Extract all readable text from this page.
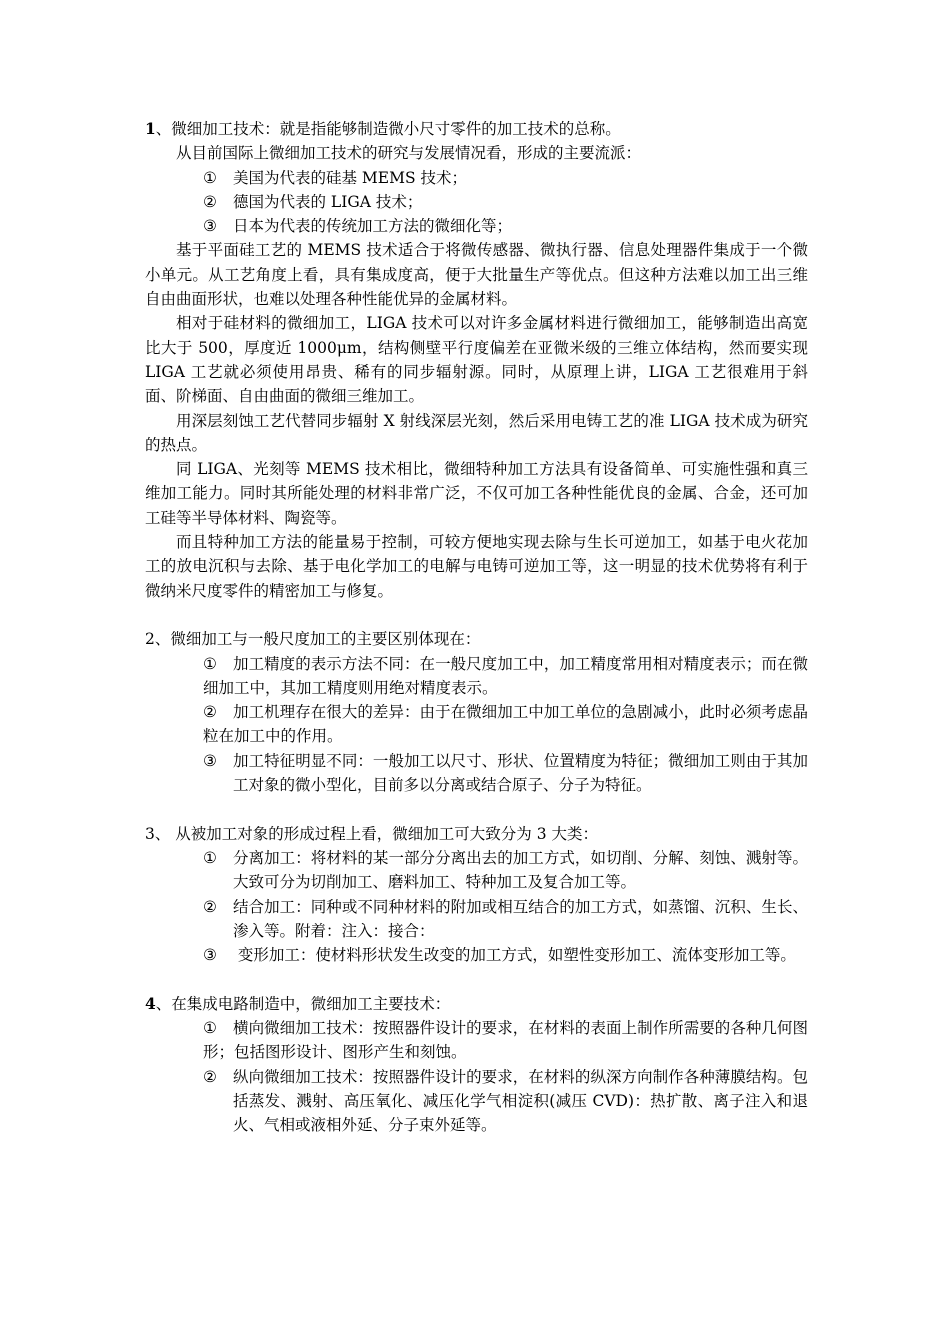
1、微细加工技术：就是指能够制造微小尺寸零件的加工技术的总称。

从目前国际上微细加工技术的研究与发展情况看，形成的主要流派：

① 美国为代表的硅基 MEMS 技术；

② 德国为代表的 LIGA 技术；

③ 日本为代表的传统加工方法的微细化等；

基于平面硅工艺的 MEMS 技术适合于将微传感器、微执行器、信息处理器件集成于一个微小单元。从工艺角度上看，具有集成度高，便于大批量生产等优点。但这种方法难以加工出三维自由曲面形状，也难以处理各种性能优异的金属材料。

相对于硅材料的微细加工，LIGA 技术可以对许多金属材料进行微细加工，能够制造出高宽比大于 500，厚度近 1000μm，结构侧壁平行度偏差在亚微米级的三维立体结构，然而要实现 LIGA 工艺就必须使用昂贵、稀有的同步辐射源。同时，从原理上讲，LIGA 工艺很难用于斜面、阶梯面、自由曲面的微细三维加工。

用深层刻蚀工艺代替同步辐射 X 射线深层光刻，然后采用电铸工艺的准 LIGA 技术成为研究的热点。

同 LIGA、光刻等 MEMS 技术相比，微细特种加工方法具有设备简单、可实施性强和真三维加工能力。同时其所能处理的材料非常广泛，不仅可加工各种性能优良的金属、合金，还可加工硅等半导体材料、陶瓷等。

而且特种加工方法的能量易于控制，可较方便地实现去除与生长可逆加工，如基于电火花加工的放电沉积与去除、基于电化学加工的电解与电铸可逆加工等，这一明显的技术优势将有利于微纳米尺度零件的精密加工与修复。

2、微细加工与一般尺度加工的主要区别体现在：

① 加工精度的表示方法不同：在一般尺度加工中，加工精度常用相对精度表示；而在微细加工中，其加工精度则用绝对精度表示。

② 加工机理存在很大的差异：由于在微细加工中加工单位的急剧减小，此时必须考虑晶粒在加工中的作用。

③ 加工特征明显不同：一般加工以尺寸、形状、位置精度为特征；微细加工则由于其加工对象的微小型化，目前多以分离或结合原子、分子为特征。

3、 从被加工对象的形成过程上看，微细加工可大致分为 3 大类：

① 分离加工：将材料的某一部分分离出去的加工方式，如切削、分解、刻蚀、溅射等。大致可分为切削加工、磨料加工、特种加工及复合加工等。

② 结合加工：同种或不同种材料的附加或相互结合的加工方式，如蒸馏、沉积、生长、渗入等。附着：注入：接合：

③ 变形加工：使材料形状发生改变的加工方式，如塑性变形加工、流体变形加工等。

4、在集成电路制造中，微细加工主要技术：

① 横向微细加工技术：按照器件设计的要求，在材料的表面上制作所需要的各种几何图形；包括图形设计、图形产生和刻蚀。

② 纵向微细加工技术：按照器件设计的要求，在材料的纵深方向制作各种薄膜结构。包括蒸发、溅射、高压氧化、减压化学气相淀积(减压 CVD)：热扩散、离子注入和退火、气相或液相外延、分子束外延等。
